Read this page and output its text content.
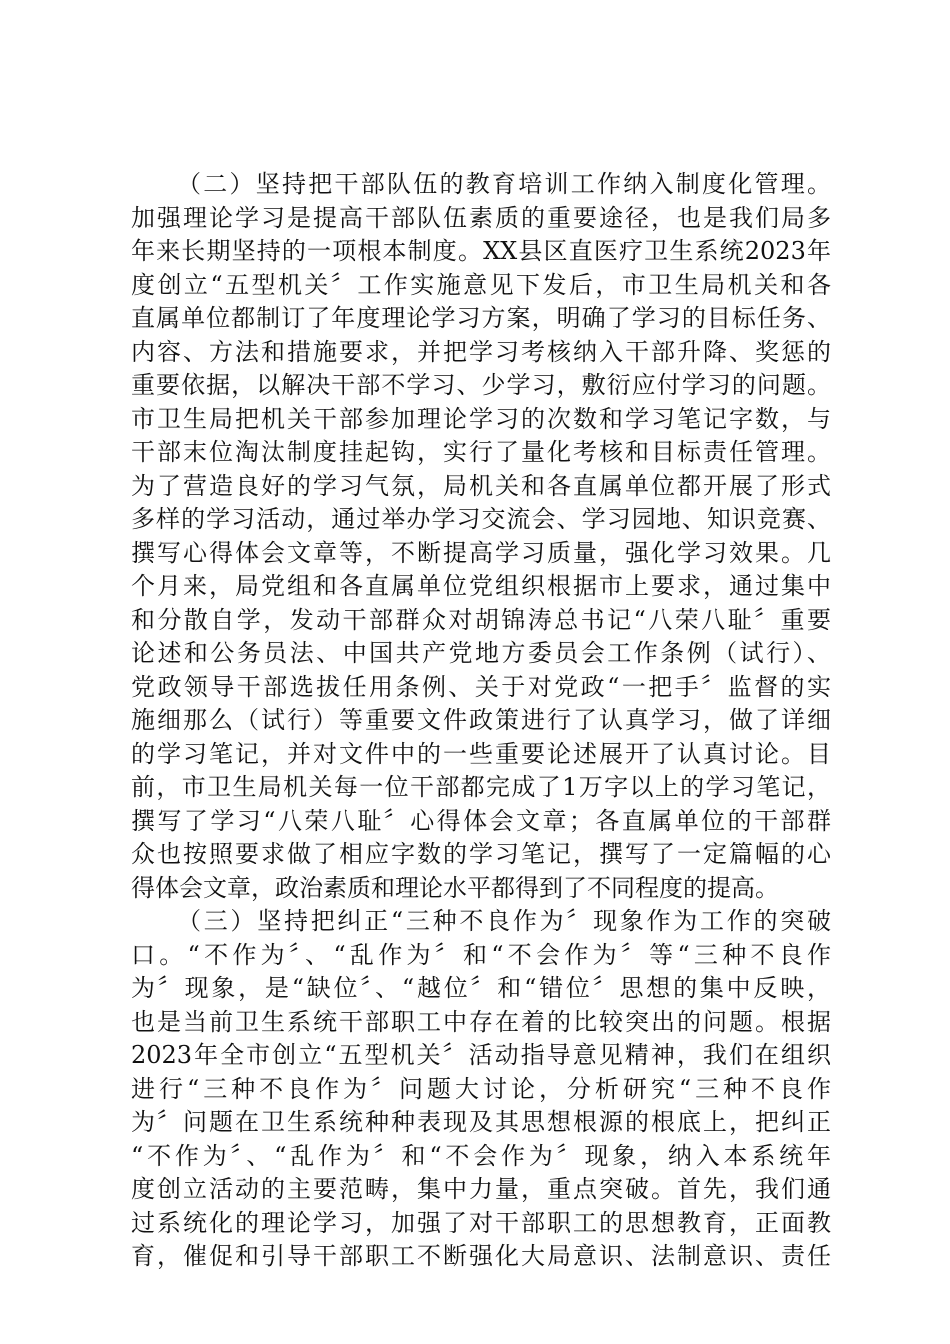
（二）坚持把干部队伍的教育培训工作纳入制度化管理。
加强理论学习是提高干部队伍素质的重要途径，也是我们局多
年来长期坚持的一项根本制度。XX县区直医疗卫生系统2023年
度创立“五型机关〞工作实施意见下发后，市卫生局机关和各
直属单位都制订了年度理论学习方案，明确了学习的目标任务、
内容、方法和措施要求，并把学习考核纳入干部升降、奖惩的
重要依据，以解决干部不学习、少学习，敷衍应付学习的问题。
市卫生局把机关干部参加理论学习的次数和学习笔记字数，与
干部末位淘汰制度挂起钩，实行了量化考核和目标责任管理。
为了营造良好的学习气氛，局机关和各直属单位都开展了形式
多样的学习活动，通过举办学习交流会、学习园地、知识竞赛、
撰写心得体会文章等，不断提高学习质量，强化学习效果。几
个月来，局党组和各直属单位党组织根据市上要求，通过集中
和分散自学，发动干部群众对胡锦涛总书记“八荣八耻〞重要
论述和公务员法、中国共产党地方委员会工作条例（试行）、
党政领导干部选拔任用条例、关于对党政“一把手〞监督的实
施细那么（试行）等重要文件政策进行了认真学习，做了详细
的学习笔记，并对文件中的一些重要论述展开了认真讨论。目
前，市卫生局机关每一位干部都完成了1万字以上的学习笔记，
撰写了学习“八荣八耻〞心得体会文章；各直属单位的干部群
众也按照要求做了相应字数的学习笔记，撰写了一定篇幅的心
得体会文章，政治素质和理论水平都得到了不同程度的提高。
（三）坚持把纠正“三种不良作为〞现象作为工作的突破
口。“不作为〞、“乱作为〞和“不会作为〞等“三种不良作
为〞现象，是“缺位〞、“越位〞和“错位〞思想的集中反映，
也是当前卫生系统干部职工中存在着的比较突出的问题。根据
2023年全市创立“五型机关〞活动指导意见精神，我们在组织
进行“三种不良作为〞问题大讨论，分析研究“三种不良作
为〞问题在卫生系统种种表现及其思想根源的根底上，把纠正
“不作为〞、“乱作为〞和“不会作为〞现象，纳入本系统年
度创立活动的主要范畴，集中力量，重点突破。首先，我们通
过系统化的理论学习，加强了对干部职工的思想教育，正面教
育，催促和引导干部职工不断强化大局意识、法制意识、责任
